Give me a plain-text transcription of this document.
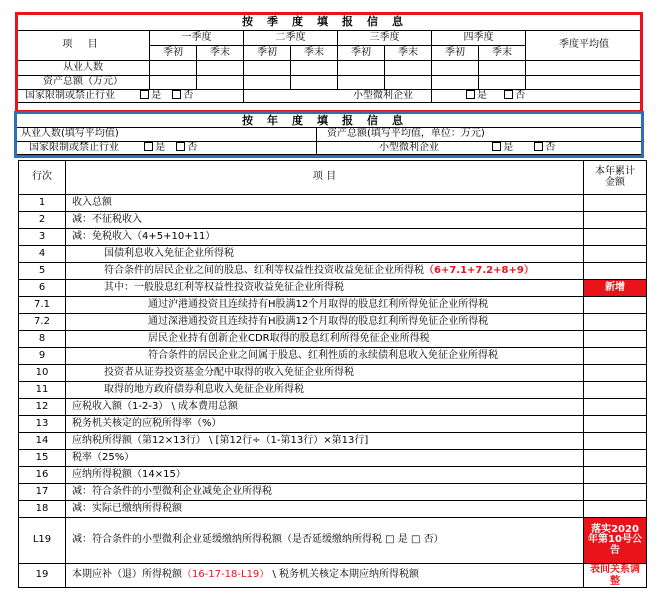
按季度填报信息									
项 目	一季度		二季度		三季度		四季度		季度平均值
	季初	季末	季初	季末	季初	季末	季初	季末	
从业人数									
资产总额（万元）									
国家限制或禁止行业 是 否			小型微利企业				是 否		
按年度填报信息	
从业人数(填写平均值)	资产总额(填写平均值，单位：万元)
国家限制或禁止行业 是 否	小型微利企业 是 否
行次	项 目	本年累计金额
1	收入总额	
2	减：不征税收入	
3	减：免税收入（4+5+10+11）	
4	国债利息收入免征企业所得税	
5	符合条件的居民企业之间的股息、红利等权益性投资收益免征企业所得税（6+7.1+7.2+8+9）	
6	其中：一般股息红利等权益性投资收益免征企业所得税	新增
7.1	通过沪港通投资且连续持有H股满12个月取得的股息红利所得免征企业所得税	
7.2	通过深港通投资且连续持有H股满12个月取得的股息红利所得免征企业所得税	
8	居民企业持有创新企业CDR取得的股息红利所得免征企业所得税	
9	符合条件的居民企业之间属于股息、红利性质的永续债利息收入免征企业所得税	
10	投资者从证券投资基金分配中取得的收入免征企业所得税	
11	取得的地方政府债券利息收入免征企业所得税	
12	应税收入额（1-2-3） \ 成本费用总额	
13	税务机关核定的应税所得率（%）	
14	应纳税所得额（第12×13行） \ [第12行÷（1-第13行）×第13行]	
15	税率（25%）	
16	应纳所得税额（14×15）	
17	减：符合条件的小型微利企业减免企业所得税	
18	减：实际已缴纳所得税额	
L19	减：符合条件的小型微利企业延缓缴纳所得税额（是否延缓缴纳所得税 □ 是 □ 否）	落实2020年第10号公告
19	本期应补（退）所得税额（16-17-18-L19） \ 税务机关核定本期应纳所得税额	表间关系调整
